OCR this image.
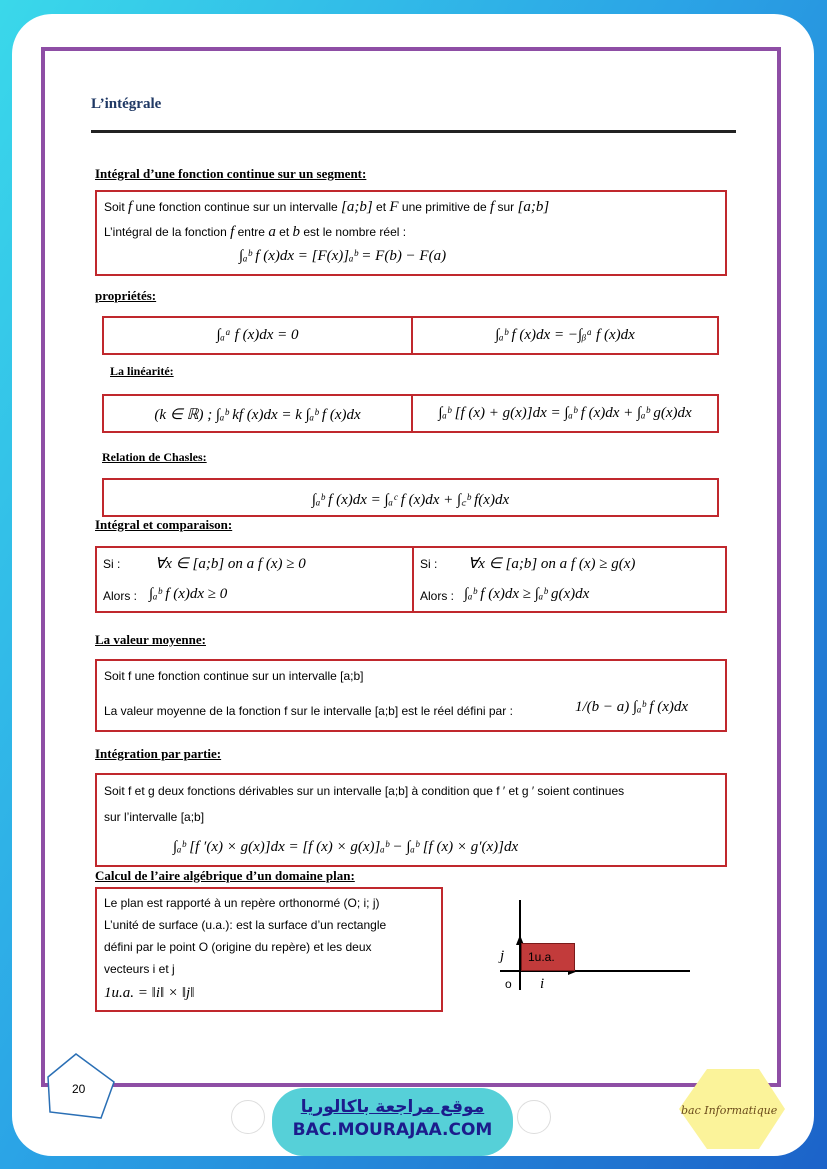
L’intégrale
Intégral d’une fonction continue sur un segment:
Soit f une fonction continue sur un intervalle [a;b] et F une primitive de f sur [a;b]
L’intégral de la fonction f entre a et b est le nombre réel :
∫ₐᵇ f (x)dx = [F(x)]ₐᵇ = F(b) − F(a)
propriétés:
∫ₐᵃ f (x)dx = 0	∫ₐᵇ f (x)dx = −∫ᵦᵃ f (x)dx
La linéarité:
(k ∈ ℝ) ; ∫ₐᵇ kf (x)dx = k ∫ₐᵇ f (x)dx	∫ₐᵇ [f (x) + g(x)]dx = ∫ₐᵇ f (x)dx + ∫ₐᵇ g(x)dx
Relation de Chasles:
∫ₐᵇ f (x)dx = ∫ₐᶜ f (x)dx + ∫꜀ᵇ f(x)dx
Intégral et comparaison:
Si : ∀x ∈ [a;b] on a f (x) ≥ 0
Alors : ∫ₐᵇ f (x)dx ≥ 0
Si : ∀x ∈ [a;b] on a f (x) ≥ g(x)
Alors : ∫ₐᵇ f (x)dx ≥ ∫ₐᵇ g(x)dx
La valeur moyenne:
Soit f une fonction continue sur un intervalle [a;b]
La valeur moyenne de la fonction f sur le intervalle [a;b] est le réel défini par :	1/(b − a) ∫ₐᵇ f (x)dx
Intégration par partie:
Soit f et g deux fonctions dérivables sur un intervalle [a;b] à condition que f ′ et g ′ soient continues
sur l’intervalle [a;b]
∫ₐᵇ [f ′(x) × g(x)]dx = [f (x) × g(x)]ₐᵇ − ∫ₐᵇ [f (x) × g′(x)]dx
Calcul de l’aire algébrique d’un domaine plan:
Le plan est rapporté à un repère orthonormé (O; i; j)
L’unité de surface (u.a.): est la surface d’un rectangle
défini par le point O (origine du repère) et les deux
vecteurs i et j
1u.a. = ‖i‖ × ‖j‖
1u.a.
j
i
o
20
موقع مراجعة باكالوريا
BAC.MOURAJAA.COM
bac Informatique
